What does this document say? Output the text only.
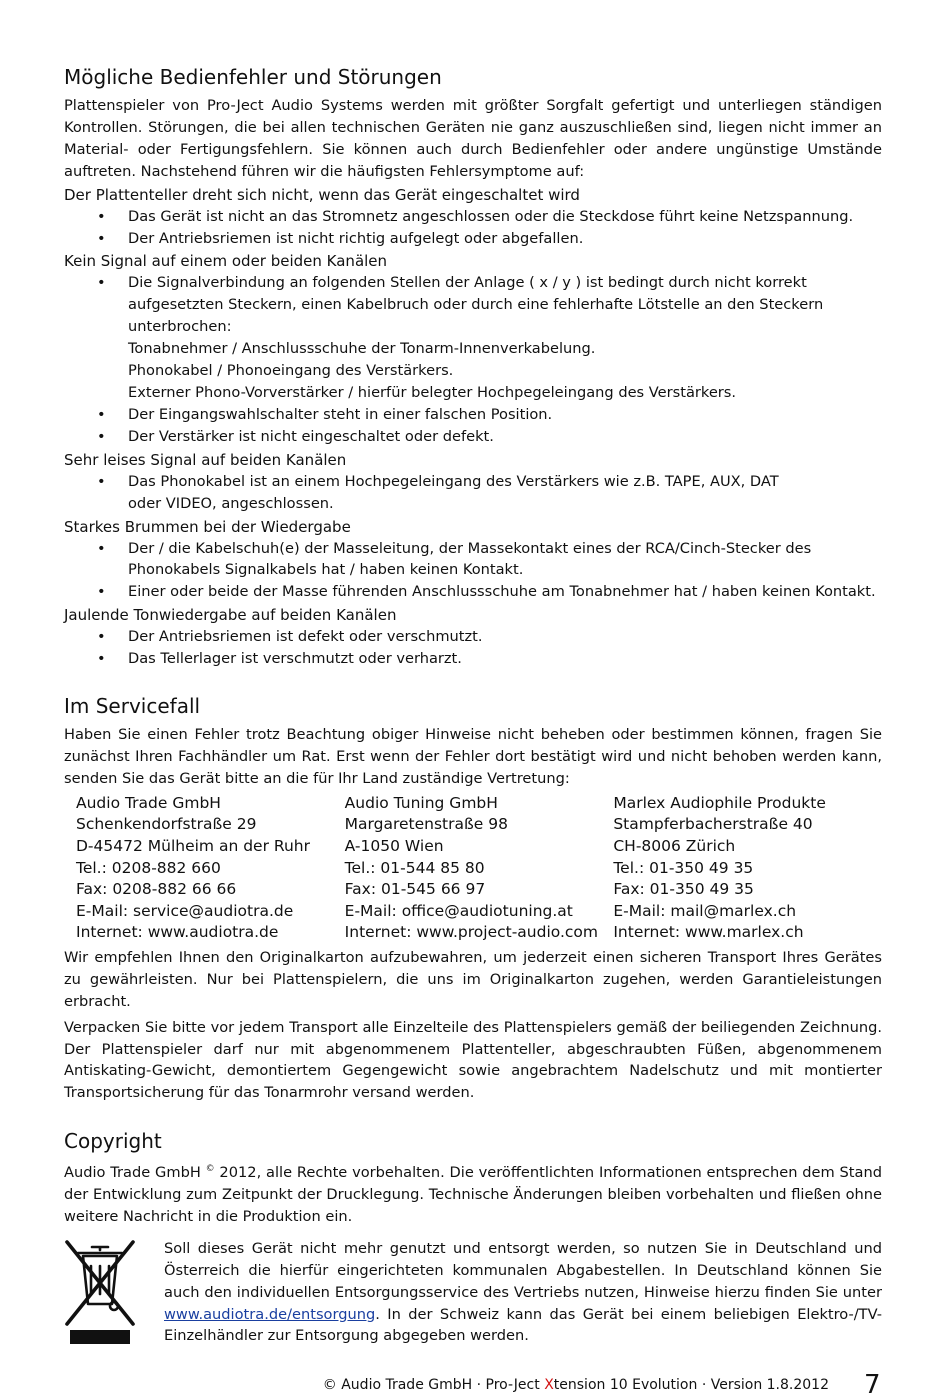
Mögliche Bedienfehler und Störungen

Plattenspieler von Pro-Ject Audio Systems werden mit größter Sorgfalt gefertigt und unterliegen ständigen Kontrollen. Störungen, die bei allen technischen Geräten nie ganz auszuschließen sind, liegen nicht immer an Material- oder Fertigungsfehlern. Sie können auch durch Bedienfehler oder andere ungünstige Umstände auftreten. Nachstehend führen wir die häufigsten Fehlersymptome auf:

Der Plattenteller dreht sich nicht, wenn das Gerät eingeschaltet wird
• Das Gerät ist nicht an das Stromnetz angeschlossen oder die Steckdose führt keine Netzspannung.
• Der Antriebsriemen ist nicht richtig aufgelegt oder abgefallen.
Kein Signal auf einem oder beiden Kanälen
• Die Signalverbindung an folgenden Stellen der Anlage ( x / y ) ist bedingt durch nicht korrekt
aufgesetzten Steckern, einen Kabelbruch oder durch eine fehlerhafte Lötstelle an den Steckern
unterbrochen:
Tonabnehmer / Anschlussschuhe der Tonarm-Innenverkabelung.
Phonokabel / Phonoeingang des Verstärkers.
Externer Phono-Vorverstärker / hierfür belegter Hochpegeleingang des Verstärkers.
• Der Eingangswahlschalter steht in einer falschen Position.
• Der Verstärker ist nicht eingeschaltet oder defekt.
Sehr leises Signal auf beiden Kanälen
• Das Phonokabel ist an einem Hochpegeleingang des Verstärkers wie z.B. TAPE, AUX, DAT
oder VIDEO, angeschlossen.
Starkes Brummen bei der Wiedergabe
• Der / die Kabelschuh(e) der Masseleitung, der Massekontakt eines der RCA/Cinch-Stecker des
Phonokabels Signalkabels hat / haben keinen Kontakt.
• Einer oder beide der Masse führenden Anschlussschuhe am Tonabnehmer hat / haben keinen Kontakt.
Jaulende Tonwiedergabe auf beiden Kanälen
• Der Antriebsriemen ist defekt oder verschmutzt.
• Das Tellerlager ist verschmutzt oder verharzt.
Im Servicefall

Haben Sie einen Fehler trotz Beachtung obiger Hinweise nicht beheben oder bestimmen können, fragen Sie zunächst Ihren Fachhändler um Rat. Erst wenn der Fehler dort bestätigt wird und nicht behoben werden kann, senden Sie das Gerät bitte an die für Ihr Land zuständige Vertretung:

Audio Trade GmbH
Schenkendorfstraße 29
D-45472 Mülheim an der Ruhr
Tel.: 0208-882 660
Fax: 0208-882 66 66
E-Mail: service@audiotra.de
Internet: www.audiotra.de
Audio Tuning GmbH
Margaretenstraße 98
A-1050 Wien
Tel.: 01-544 85 80
Fax: 01-545 66 97
E-Mail: office@audiotuning.at
Internet: www.project-audio.com
Marlex Audiophile Produkte
Stampferbacherstraße 40
CH-8006 Zürich
Tel.: 01-350 49 35
Fax: 01-350 49 35
E-Mail: mail@marlex.ch
Internet: www.marlex.ch

Wir empfehlen Ihnen den Originalkarton aufzubewahren, um jederzeit einen sicheren Transport Ihres Gerätes zu gewährleisten. Nur bei Plattenspielern, die uns im Originalkarton zugehen, werden Garantieleistungen erbracht.

Verpacken Sie bitte vor jedem Transport alle Einzelteile des Plattenspielers gemäß der beiliegenden Zeichnung. Der Plattenspieler darf nur mit abgenommenem Plattenteller, abgeschraubten Füßen, abgenommenem Antiskating-Gewicht, demontiertem Gegengewicht sowie angebrachtem Nadelschutz und mit montierter Transportsicherung für das Tonarmrohr versand werden.

Copyright

Audio Trade GmbH © 2012, alle Rechte vorbehalten. Die veröffentlichten Informationen entsprechen dem Stand der Entwicklung zum Zeitpunkt der Drucklegung. Technische Änderungen bleiben vorbehalten und fließen ohne weitere Nachricht in die Produktion ein.

Soll dieses Gerät nicht mehr genutzt und entsorgt werden, so nutzen Sie in Deutschland und Österreich die hierfür eingerichteten kommunalen Abgabestellen. In Deutschland können Sie auch den individuellen Entsorgungsservice des Vertriebs nutzen, Hinweise hierzu finden Sie unter www.audiotra.de/entsorgung. In der Schweiz kann das Gerät bei einem beliebigen Elektro-/TV-Einzelhändler zur Entsorgung abgegeben werden.

© Audio Trade GmbH · Pro-Ject Xtension 10 Evolution · Version 1.8.2012 7
